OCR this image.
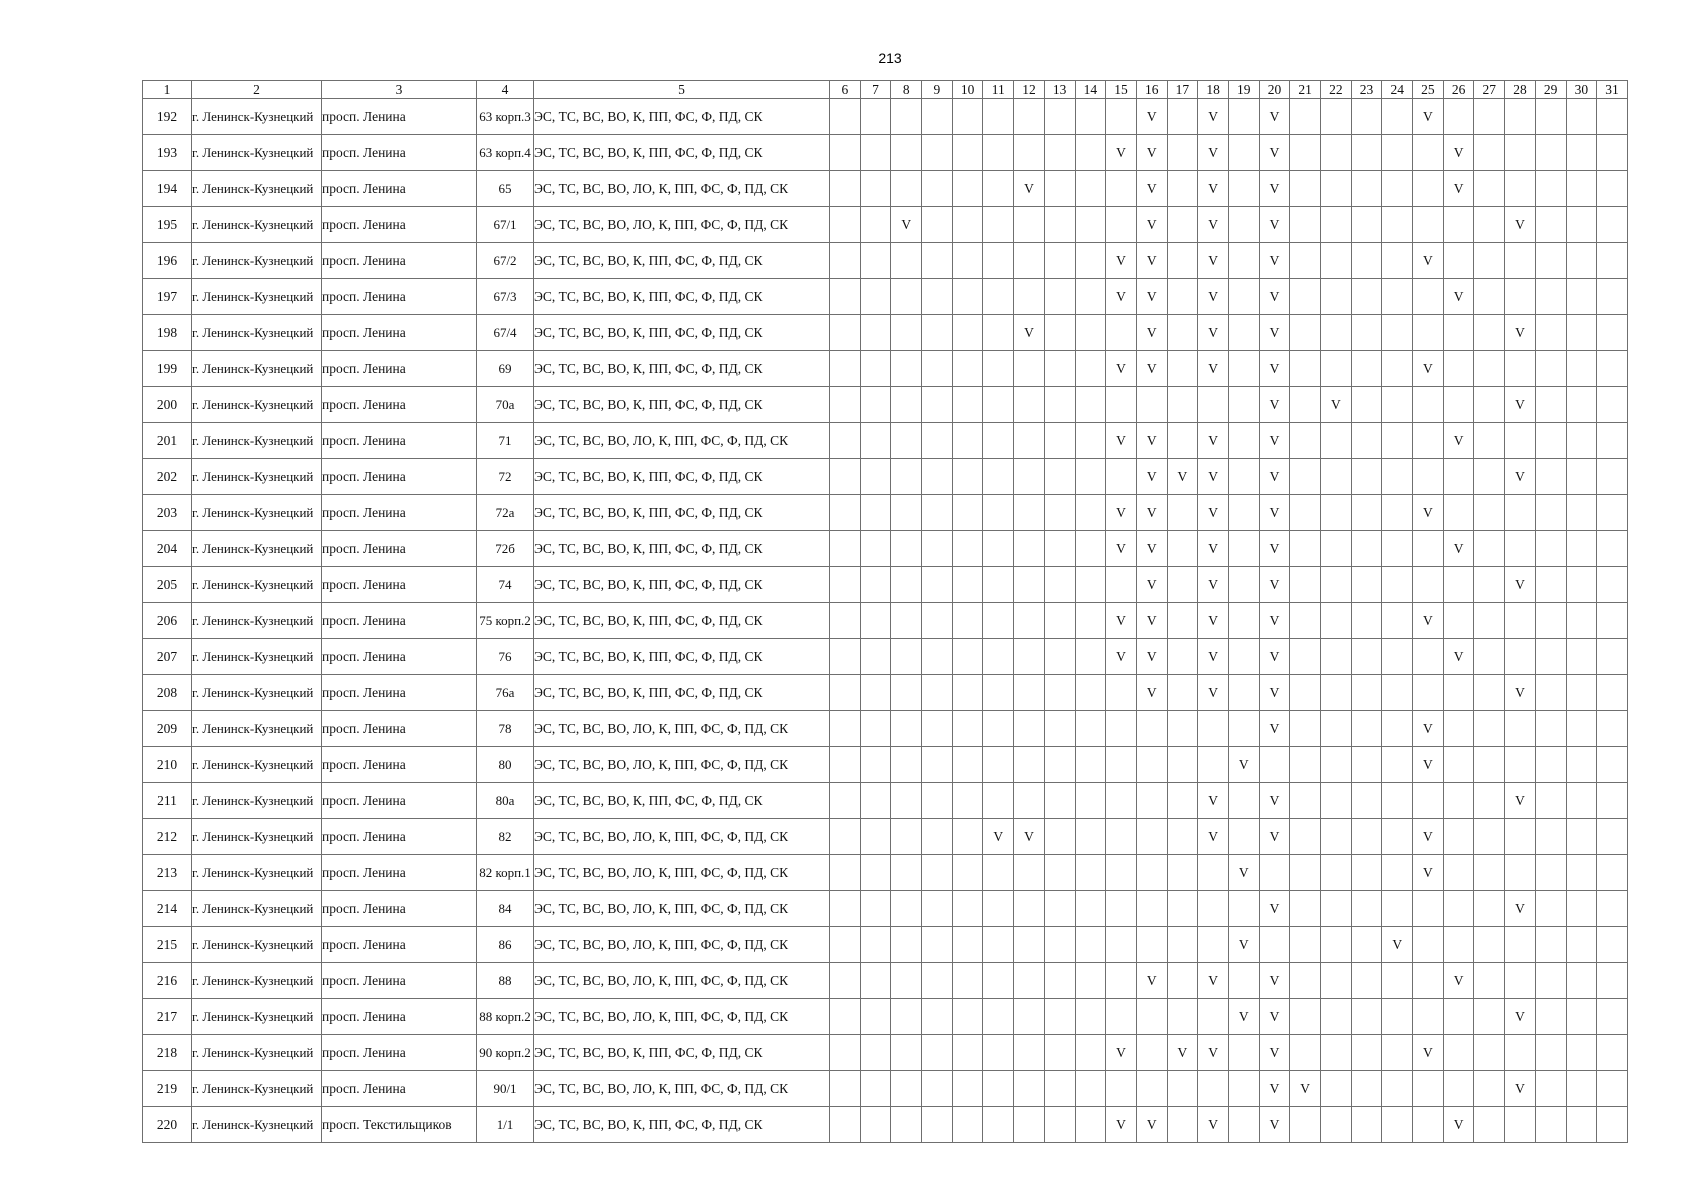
213
1	2	3	4	5	6	7	8	9	10	11	12	13	14	15	16	17	18	19	20	21	22	23	24	25	26	27	28	29	30	31
192	г. Ленинск-Кузнецкий	просп. Ленина	63 корп.3	ЭС, ТС, ВС, ВО, К, ПП, ФС, Ф, ПД, СК											V		V		V					V						
193	г. Ленинск-Кузнецкий	просп. Ленина	63 корп.4	ЭС, ТС, ВС, ВО, К, ПП, ФС, Ф, ПД, СК										V	V		V		V						V					
194	г. Ленинск-Кузнецкий	просп. Ленина	65	ЭС, ТС, ВС, ВО, ЛО, К, ПП, ФС, Ф, ПД, СК							V				V		V		V						V					
195	г. Ленинск-Кузнецкий	просп. Ленина	67/1	ЭС, ТС, ВС, ВО, ЛО, К, ПП, ФС, Ф, ПД, СК			V								V		V		V								V			
196	г. Ленинск-Кузнецкий	просп. Ленина	67/2	ЭС, ТС, ВС, ВО, К, ПП, ФС, Ф, ПД, СК										V	V		V		V					V						
197	г. Ленинск-Кузнецкий	просп. Ленина	67/3	ЭС, ТС, ВС, ВО, К, ПП, ФС, Ф, ПД, СК										V	V		V		V						V					
198	г. Ленинск-Кузнецкий	просп. Ленина	67/4	ЭС, ТС, ВС, ВО, К, ПП, ФС, Ф, ПД, СК							V				V		V		V								V			
199	г. Ленинск-Кузнецкий	просп. Ленина	69	ЭС, ТС, ВС, ВО, К, ПП, ФС, Ф, ПД, СК										V	V		V		V					V						
200	г. Ленинск-Кузнецкий	просп. Ленина	70а	ЭС, ТС, ВС, ВО, К, ПП, ФС, Ф, ПД, СК															V		V						V			
201	г. Ленинск-Кузнецкий	просп. Ленина	71	ЭС, ТС, ВС, ВО, ЛО, К, ПП, ФС, Ф, ПД, СК										V	V		V		V						V					
202	г. Ленинск-Кузнецкий	просп. Ленина	72	ЭС, ТС, ВС, ВО, К, ПП, ФС, Ф, ПД, СК											V	V	V		V								V			
203	г. Ленинск-Кузнецкий	просп. Ленина	72а	ЭС, ТС, ВС, ВО, К, ПП, ФС, Ф, ПД, СК										V	V		V		V					V						
204	г. Ленинск-Кузнецкий	просп. Ленина	72б	ЭС, ТС, ВС, ВО, К, ПП, ФС, Ф, ПД, СК										V	V		V		V						V					
205	г. Ленинск-Кузнецкий	просп. Ленина	74	ЭС, ТС, ВС, ВО, К, ПП, ФС, Ф, ПД, СК											V		V		V								V			
206	г. Ленинск-Кузнецкий	просп. Ленина	75 корп.2	ЭС, ТС, ВС, ВО, К, ПП, ФС, Ф, ПД, СК										V	V		V		V					V						
207	г. Ленинск-Кузнецкий	просп. Ленина	76	ЭС, ТС, ВС, ВО, К, ПП, ФС, Ф, ПД, СК										V	V		V		V						V					
208	г. Ленинск-Кузнецкий	просп. Ленина	76а	ЭС, ТС, ВС, ВО, К, ПП, ФС, Ф, ПД, СК											V		V		V								V			
209	г. Ленинск-Кузнецкий	просп. Ленина	78	ЭС, ТС, ВС, ВО, ЛО, К, ПП, ФС, Ф, ПД, СК															V					V						
210	г. Ленинск-Кузнецкий	просп. Ленина	80	ЭС, ТС, ВС, ВО, ЛО, К, ПП, ФС, Ф, ПД, СК														V						V						
211	г. Ленинск-Кузнецкий	просп. Ленина	80а	ЭС, ТС, ВС, ВО, К, ПП, ФС, Ф, ПД, СК													V		V								V			
212	г. Ленинск-Кузнецкий	просп. Ленина	82	ЭС, ТС, ВС, ВО, ЛО, К, ПП, ФС, Ф, ПД, СК						V	V						V		V					V						
213	г. Ленинск-Кузнецкий	просп. Ленина	82 корп.1	ЭС, ТС, ВС, ВО, ЛО, К, ПП, ФС, Ф, ПД, СК														V						V						
214	г. Ленинск-Кузнецкий	просп. Ленина	84	ЭС, ТС, ВС, ВО, ЛО, К, ПП, ФС, Ф, ПД, СК															V								V			
215	г. Ленинск-Кузнецкий	просп. Ленина	86	ЭС, ТС, ВС, ВО, ЛО, К, ПП, ФС, Ф, ПД, СК														V					V							
216	г. Ленинск-Кузнецкий	просп. Ленина	88	ЭС, ТС, ВС, ВО, ЛО, К, ПП, ФС, Ф, ПД, СК											V		V		V						V					
217	г. Ленинск-Кузнецкий	просп. Ленина	88 корп.2	ЭС, ТС, ВС, ВО, ЛО, К, ПП, ФС, Ф, ПД, СК														V	V								V			
218	г. Ленинск-Кузнецкий	просп. Ленина	90 корп.2	ЭС, ТС, ВС, ВО, К, ПП, ФС, Ф, ПД, СК										V		V	V		V					V						
219	г. Ленинск-Кузнецкий	просп. Ленина	90/1	ЭС, ТС, ВС, ВО, ЛО, К, ПП, ФС, Ф, ПД, СК															V	V							V			
220	г. Ленинск-Кузнецкий	просп. Текстильщиков	1/1	ЭС, ТС, ВС, ВО, К, ПП, ФС, Ф, ПД, СК										V	V		V		V						V					
